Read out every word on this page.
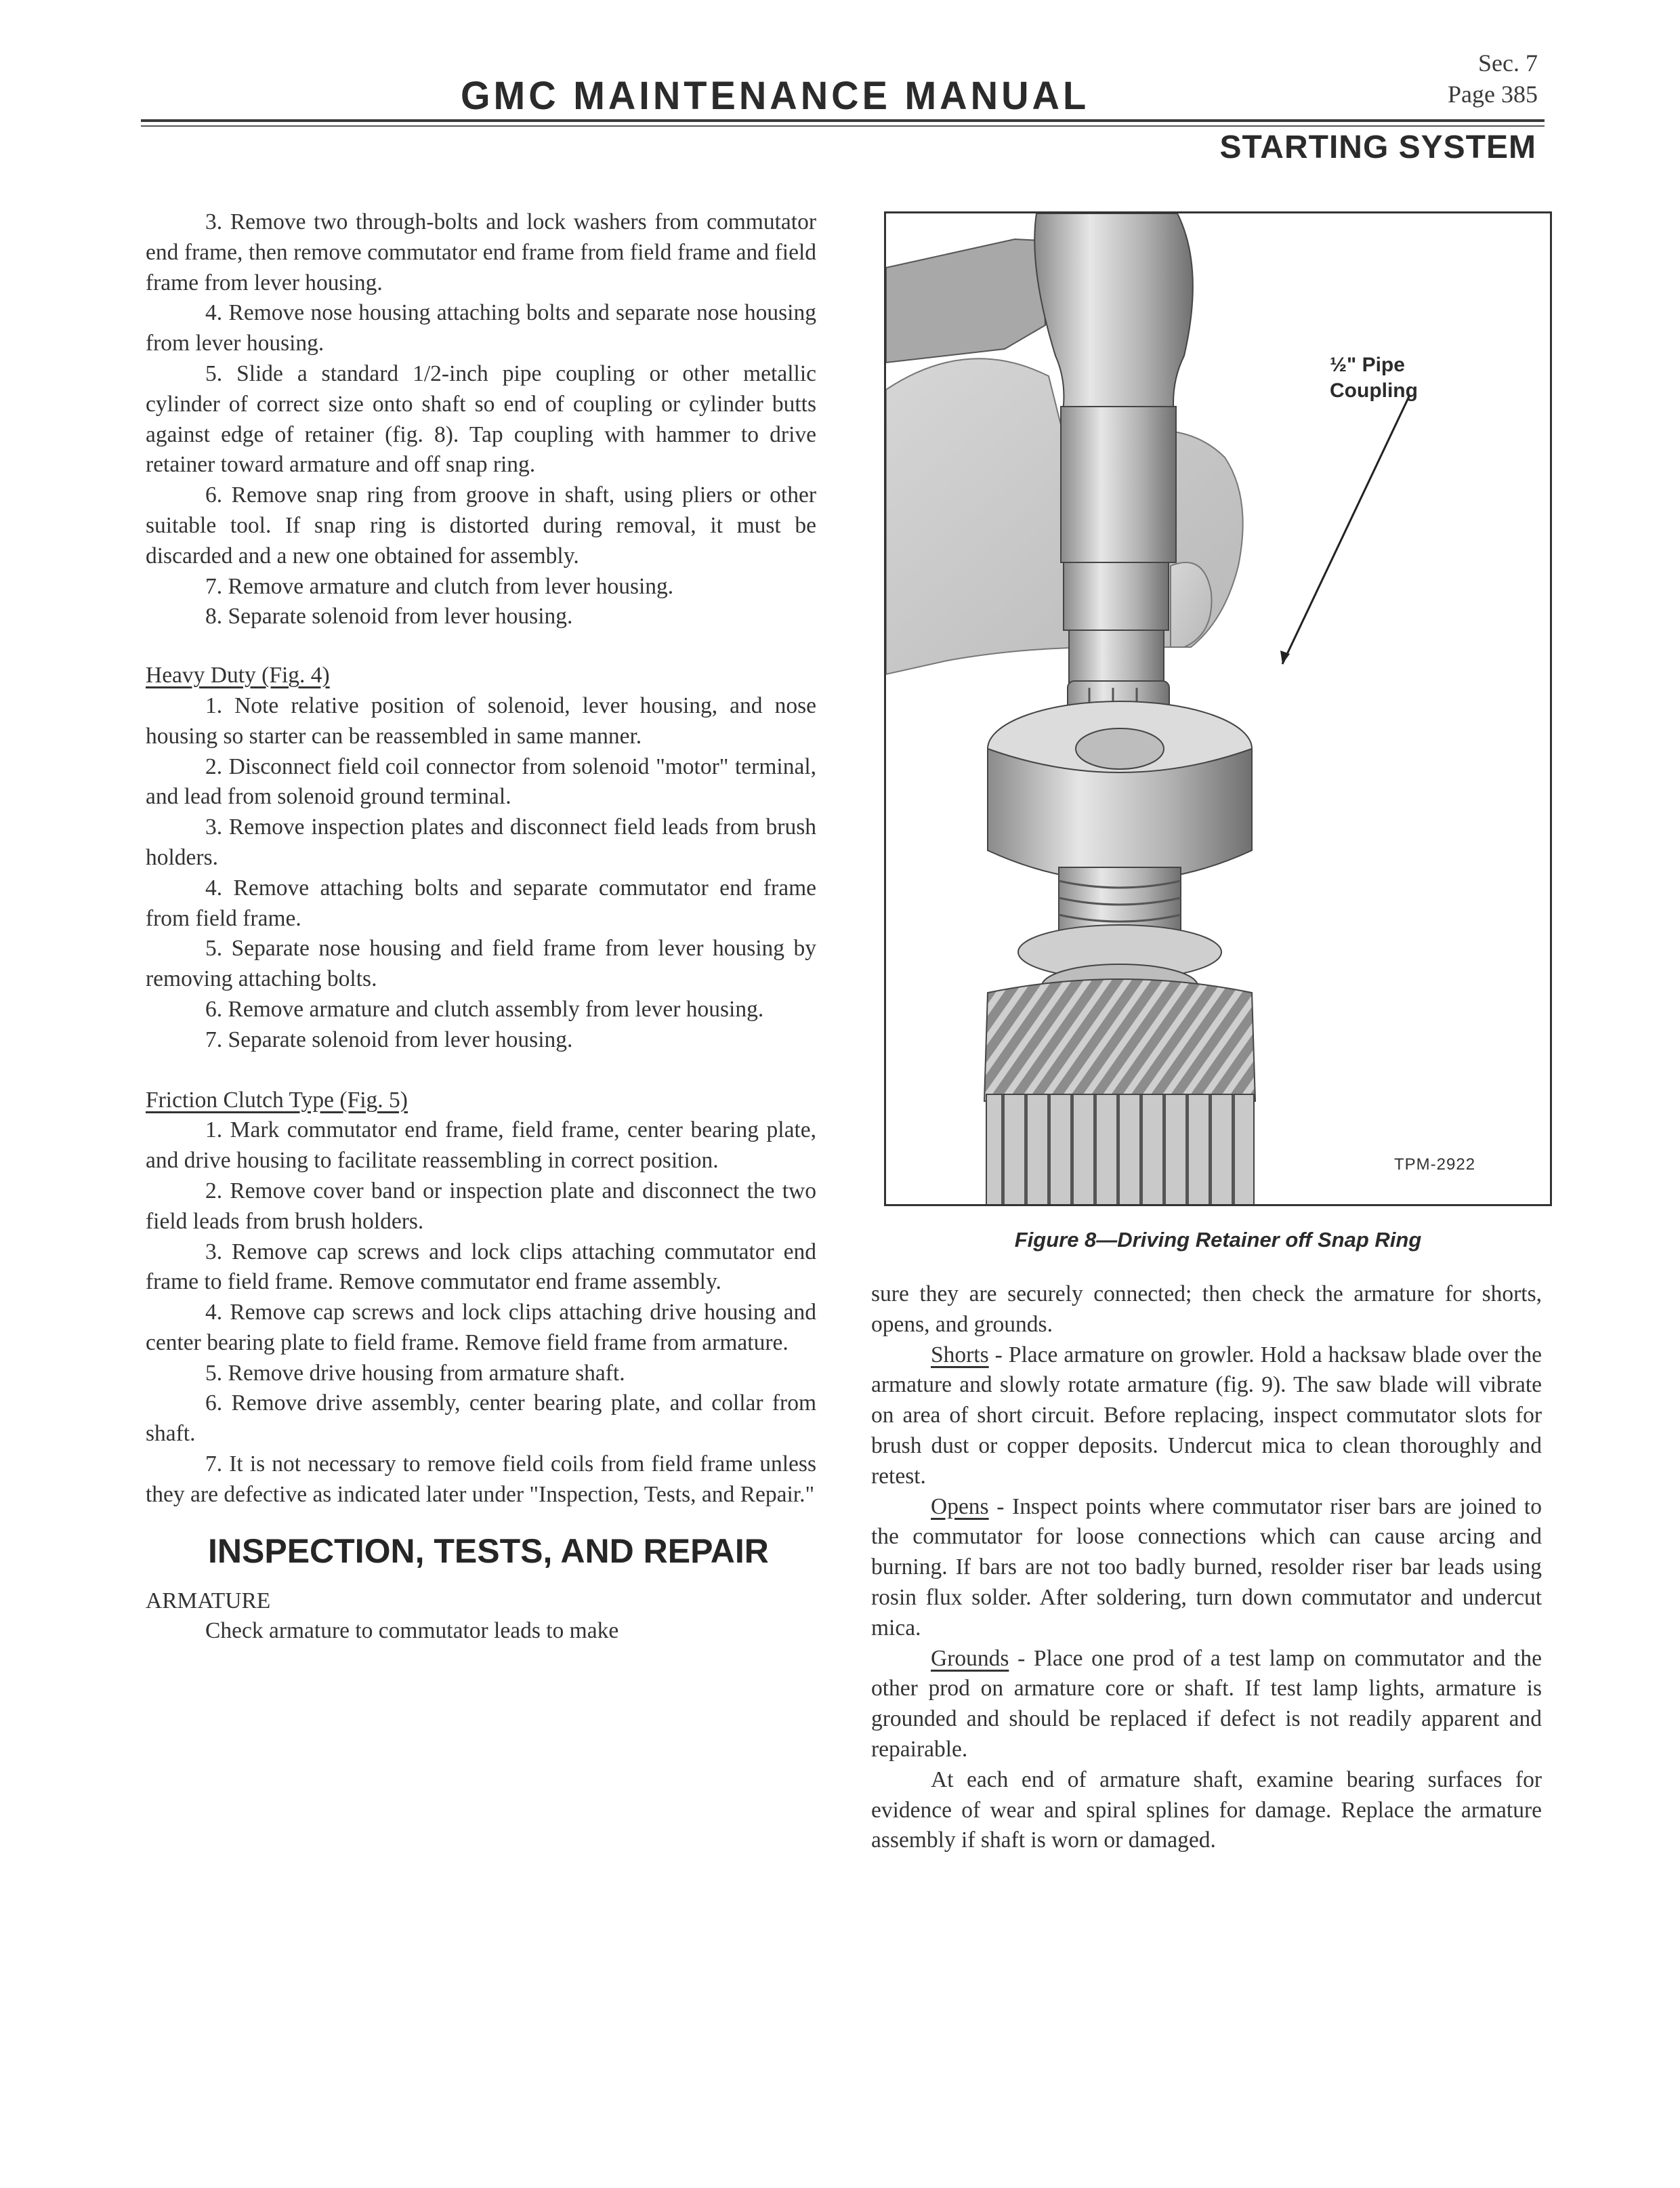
GMC MAINTENANCE MANUAL
Sec. 7
Page 385
STARTING SYSTEM

3. Remove two through-bolts and lock washers from commutator end frame, then remove commutator end frame from field frame and field frame from lever housing.

4. Remove nose housing attaching bolts and separate nose housing from lever housing.

5. Slide a standard 1/2-inch pipe coupling or other metallic cylinder of correct size onto shaft so end of coupling or cylinder butts against edge of retainer (fig. 8). Tap coupling with hammer to drive retainer toward armature and off snap ring.

6. Remove snap ring from groove in shaft, using pliers or other suitable tool. If snap ring is distorted during removal, it must be discarded and a new one obtained for assembly.

7. Remove armature and clutch from lever housing.

8. Separate solenoid from lever housing.

Heavy Duty (Fig. 4)

1. Note relative position of solenoid, lever housing, and nose housing so starter can be reassembled in same manner.

2. Disconnect field coil connector from solenoid "motor" terminal, and lead from solenoid ground terminal.

3. Remove inspection plates and disconnect field leads from brush holders.

4. Remove attaching bolts and separate commutator end frame from field frame.

5. Separate nose housing and field frame from lever housing by removing attaching bolts.

6. Remove armature and clutch assembly from lever housing.

7. Separate solenoid from lever housing.

Friction Clutch Type (Fig. 5)

1. Mark commutator end frame, field frame, center bearing plate, and drive housing to facilitate reassembling in correct position.

2. Remove cover band or inspection plate and disconnect the two field leads from brush holders.

3. Remove cap screws and lock clips attaching commutator end frame to field frame. Remove commutator end frame assembly.

4. Remove cap screws and lock clips attaching drive housing and center bearing plate to field frame. Remove field frame from armature.

5. Remove drive housing from armature shaft.

6. Remove drive assembly, center bearing plate, and collar from shaft.

7. It is not necessary to remove field coils from field frame unless they are defective as indicated later under "Inspection, Tests, and Repair."

INSPECTION, TESTS, AND REPAIR

ARMATURE

Check armature to commutator leads to make

½" Pipe
Coupling
TPM-2922
Figure 8—Driving Retainer off Snap Ring

sure they are securely connected; then check the armature for shorts, opens, and grounds.

Shorts - Place armature on growler. Hold a hacksaw blade over the armature and slowly rotate armature (fig. 9). The saw blade will vibrate on area of short circuit. Before replacing, inspect commutator slots for brush dust or copper deposits. Undercut mica to clean thoroughly and retest.

Opens - Inspect points where commutator riser bars are joined to the commutator for loose connections which can cause arcing and burning. If bars are not too badly burned, resolder riser bar leads using rosin flux solder. After soldering, turn down commutator and undercut mica.

Grounds - Place one prod of a test lamp on commutator and the other prod on armature core or shaft. If test lamp lights, armature is grounded and should be replaced if defect is not readily apparent and repairable.

At each end of armature shaft, examine bearing surfaces for evidence of wear and spiral splines for damage. Replace the armature assembly if shaft is worn or damaged.
